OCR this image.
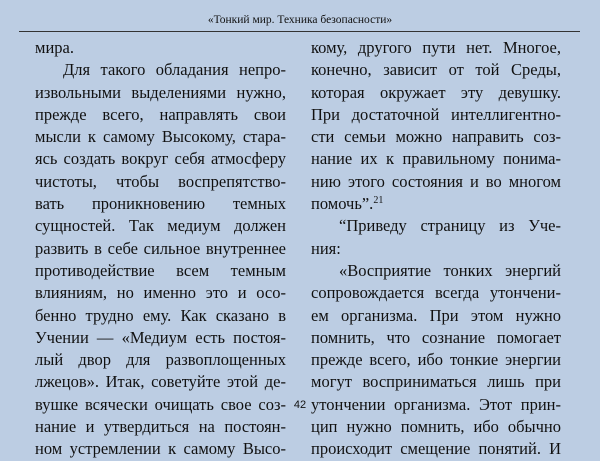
«Тонкий мир. Техника безопасности»
мира.
Для такого обладания непро-
извольными выделениями нужно,
прежде всего, направлять свои
мысли к самому Высокому, стара-
ясь создать вокруг себя атмосферу
чистоты, чтобы воспрепятство-
вать проникновению темных
сущностей. Так медиум должен
развить в себе сильное внутреннее
противодействие всем темным
влияниям, но именно это и осо-
бенно трудно ему. Как сказано в
Учении — «Медиум есть постоя-
лый двор для развоплощенных
лжецов». Итак, советуйте этой де-
вушке всячески очищать свое соз-
нание и утвердиться на постоян-
ном устремлении к самому Высо-
кому, другого пути нет. Многое,
конечно, зависит от той Среды,
которая окружает эту девушку.
При достаточной интеллигентно-
сти семьи можно направить соз-
нание их к правильному понима-
нию этого состояния и во многом
помочь”.$^{21}$
“Приведу страницу из Уче-
ния:
«Восприятие тонких энергий
сопровождается всегда утончени-
ем организма. При этом нужно
помнить, что сознание помогает
прежде всего, ибо тонкие энергии
могут восприниматься лишь при
утончении организма. Этот прин-
цип нужно помнить, ибо обычно
происходит смещение понятий. И
42
